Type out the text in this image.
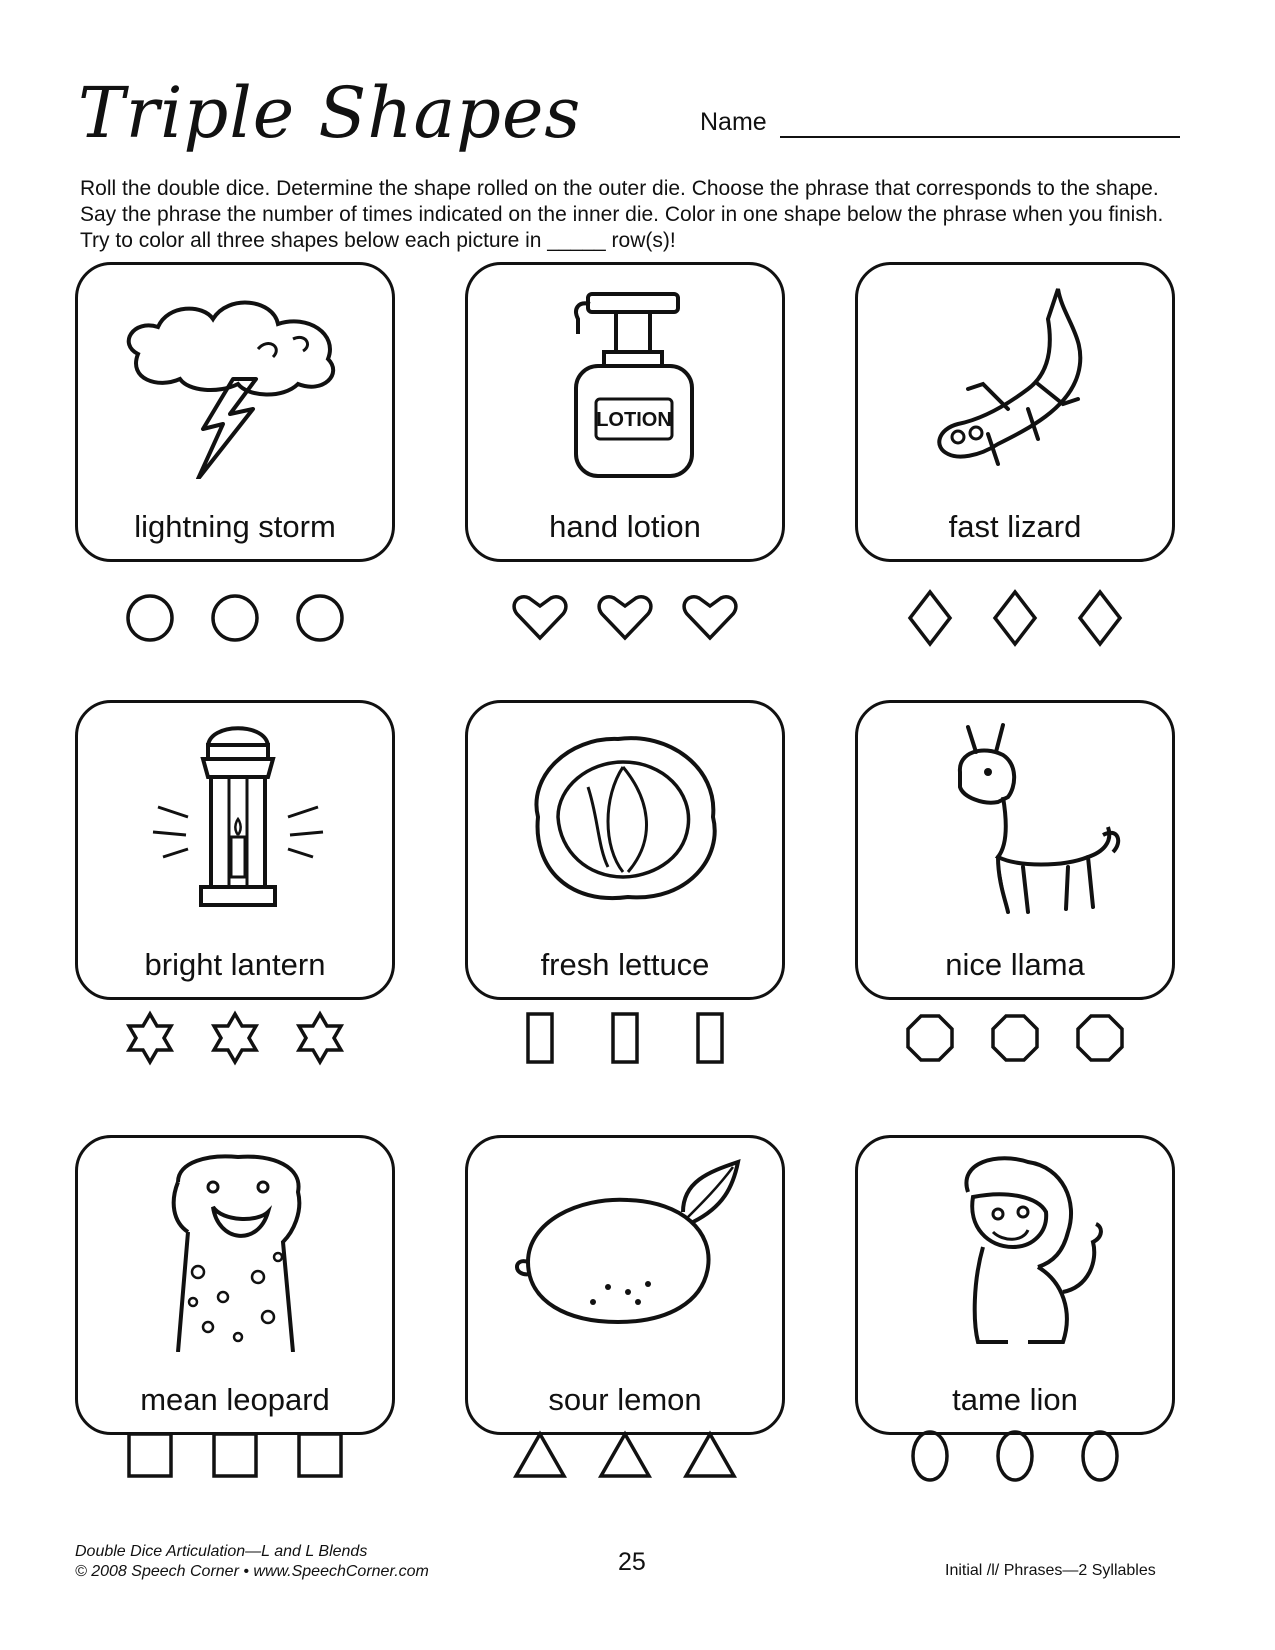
Triple Shapes	Name
Roll the double dice. Determine the shape rolled on the outer die. Choose the phrase that corresponds to the shape. Say the phrase the number of times indicated on the inner die. Color in one shape below the phrase when you finish. Try to color all three shapes below each picture in _____ row(s)!
lightning storm
LOTION
hand lotion	fast lizard
bright lantern	fresh lettuce	nice llama
mean leopard	sour lemon	tame lion
Double Dice Articulation—L and L Blends
© 2008 Speech Corner • www.SpeechCorner.com	25	Initial /l/ Phrases—2 Syllables
